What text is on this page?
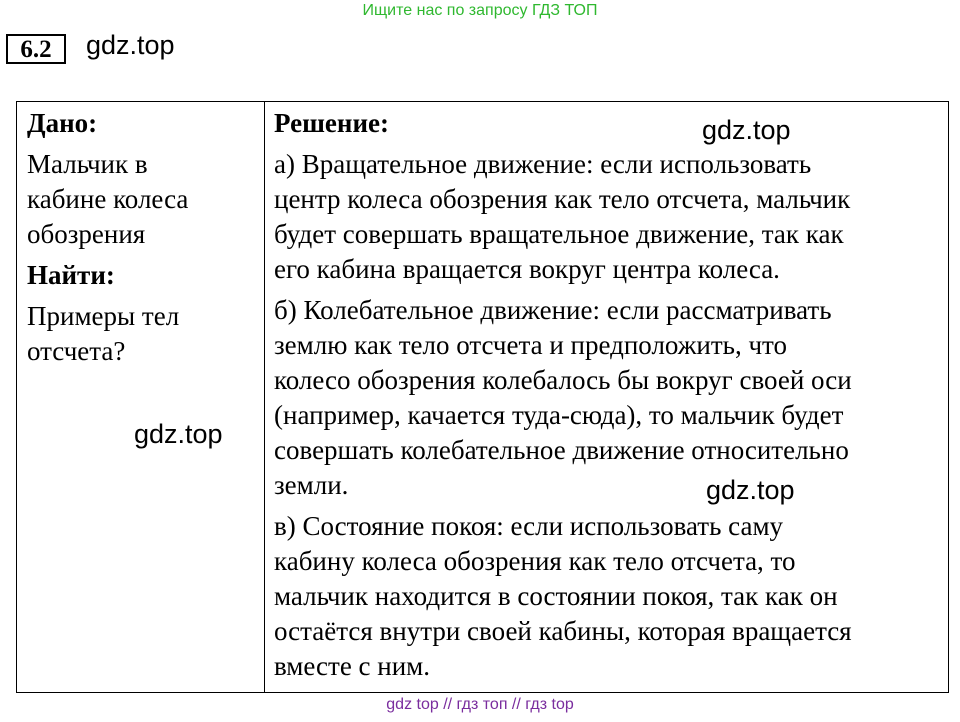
Ищите нас по запросу ГДЗ ТОП
6.2	gdz.top

Дано:

Мальчик в

кабине колеса

обозрения

Найти:

Примеры тел

отсчета?

Решение:

а) Вращательное движение: если использовать

центр колеса обозрения как тело отсчета, мальчик

будет совершать вращательное движение, так как

его кабина вращается вокруг центра колеса.

б) Колебательное движение: если рассматривать

землю как тело отсчета и предположить, что

колесо обозрения колебалось бы вокруг своей оси

(например, качается туда-сюда), то мальчик будет

совершать колебательное движение относительно

земли.

в) Состояние покоя: если использовать саму

кабину колеса обозрения как тело отсчета, то

мальчик находится в состоянии покоя, так как он

остаётся внутри своей кабины, которая вращается

вместе с ним.

gdz.top
gdz.top
gdz.top
gdz top // гдз топ // гдз top
